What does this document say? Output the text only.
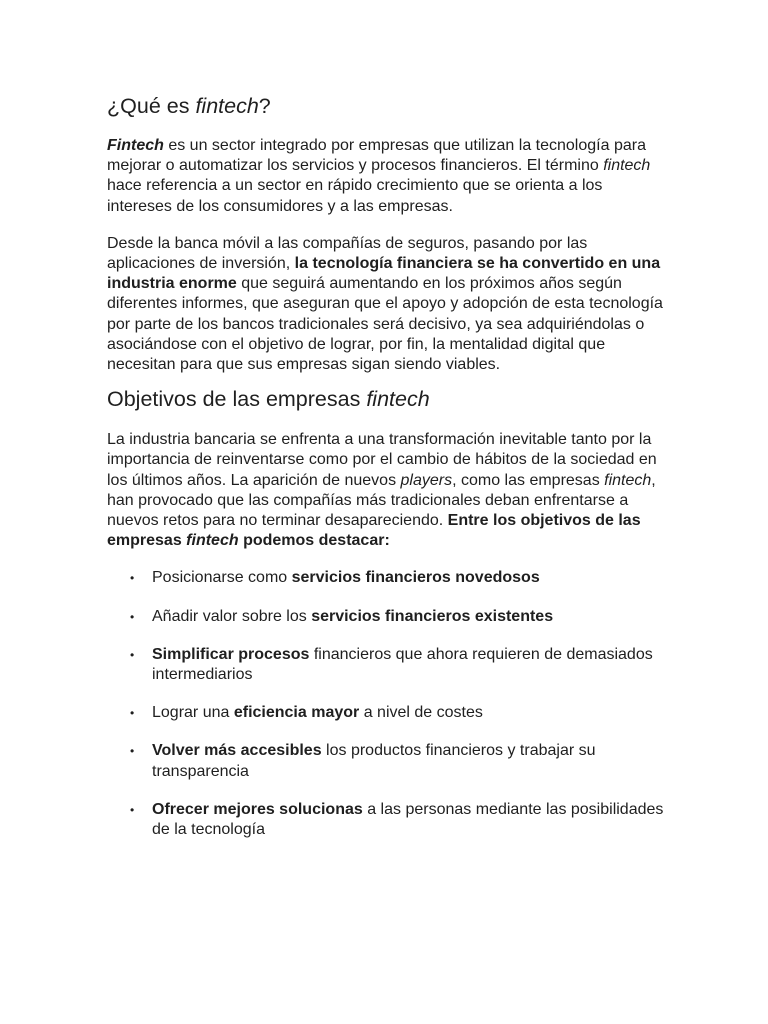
¿Qué es fintech?

Fintech es un sector integrado por empresas que utilizan la tecnología para mejorar o automatizar los servicios y procesos financieros. El término fintech hace referencia a un sector en rápido crecimiento que se orienta a los intereses de los consumidores y a las empresas.

Desde la banca móvil a las compañías de seguros, pasando por las aplicaciones de inversión, la tecnología financiera se ha convertido en una industria enorme que seguirá aumentando en los próximos años según diferentes informes, que aseguran que el apoyo y adopción de esta tecnología por parte de los bancos tradicionales será decisivo, ya sea adquiriéndolas o asociándose con el objetivo de lograr, por fin, la mentalidad digital que necesitan para que sus empresas sigan siendo viables.

Objetivos de las empresas fintech

La industria bancaria se enfrenta a una transformación inevitable tanto por la importancia de reinventarse como por el cambio de hábitos de la sociedad en los últimos años. La aparición de nuevos players, como las empresas fintech, han provocado que las compañías más tradicionales deban enfrentarse a nuevos retos para no terminar desapareciendo. Entre los objetivos de las empresas fintech podemos destacar:

• Posicionarse como servicios financieros novedosos
• Añadir valor sobre los servicios financieros existentes
• Simplificar procesos financieros que ahora requieren de demasiados intermediarios
• Lograr una eficiencia mayor a nivel de costes
• Volver más accesibles los productos financieros y trabajar su transparencia
• Ofrecer mejores solucionas a las personas mediante las posibilidades de la tecnología
